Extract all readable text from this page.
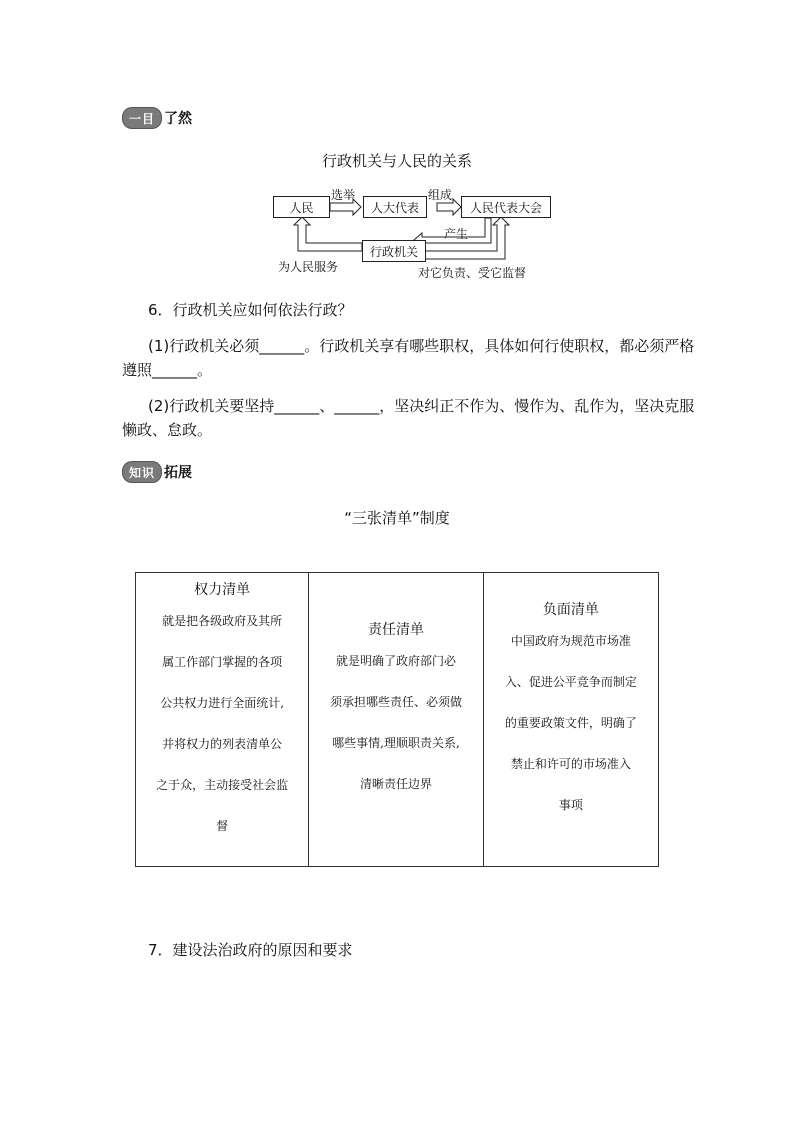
一目 了然
行政机关与人民的关系
人民	人大代表	人民代表大会
行政机关
选举	组成
产生
为人民服务	对它负责、受它监督
6．行政机关应如何依法行政？
(1)行政机关必须______。行政机关享有哪些职权，具体如何行使职权，都必须严格
遵照______。
(2)行政机关要坚持______、______，坚决纠正不作为、慢作为、乱作为，坚决克服
懒政、怠政。
知识 拓展
“三张清单”制度
权力清单
就是把各级政府及其所
属工作部门掌握的各项
公共权力进行全面统计,
并将权力的列表清单公
之于众，主动接受社会监
督

责任清单
就是明确了政府部门必
须承担哪些责任、必须做
哪些事情,理顺职责关系,
清晰责任边界

负面清单
中国政府为规范市场准
入、促进公平竞争而制定
的重要政策文件，明确了
禁止和许可的市场准入
事项
7．建设法治政府的原因和要求
